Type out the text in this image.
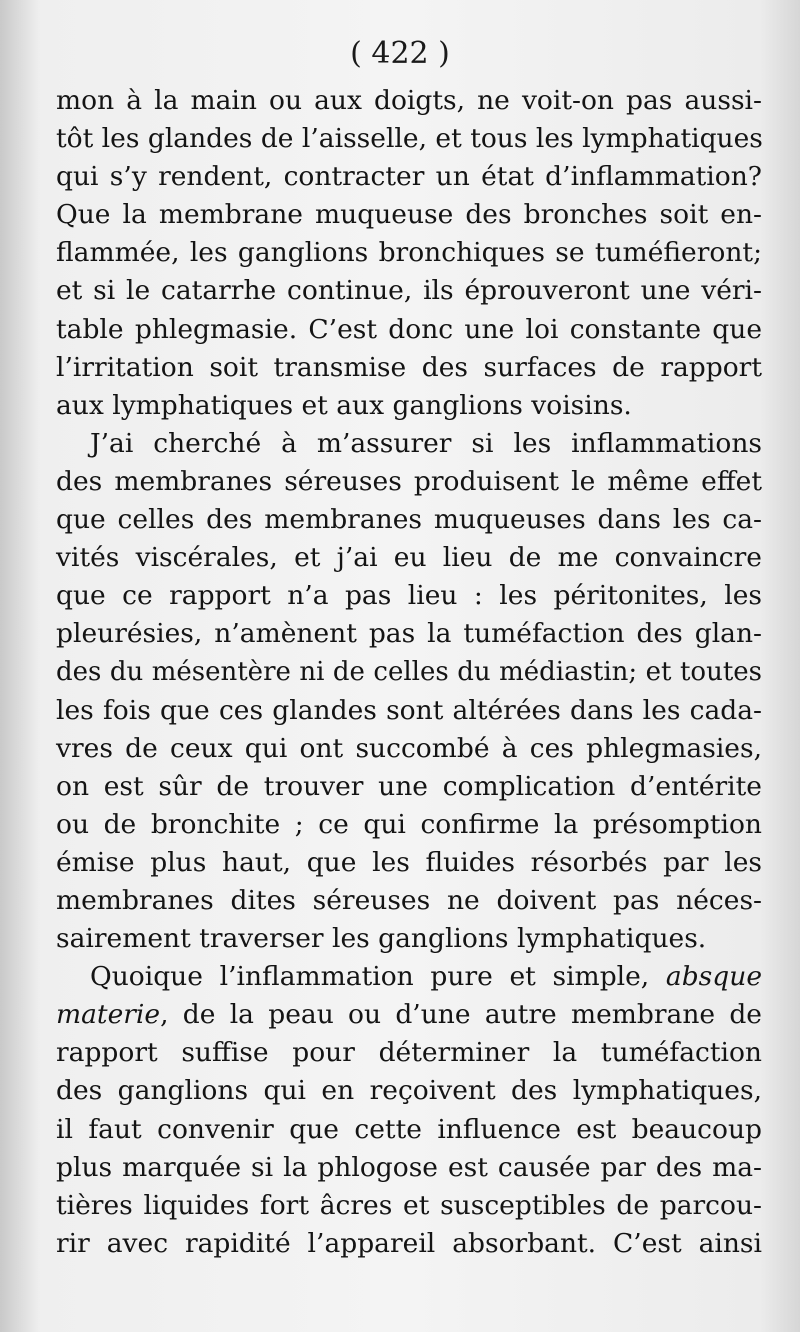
( 422 )
mon à la main ou aux doigts, ne voit-on pas aussi-
tôt les glandes de l’aisselle, et tous les lymphatiques
qui s’y rendent, contracter un état d’inflammation?
Que la membrane muqueuse des bronches soit en-
flammée, les ganglions bronchiques se tuméfieront;
et si le catarrhe continue, ils éprouveront une véri-
table phlegmasie. C’est donc une loi constante que
l’irritation soit transmise des surfaces de rapport
aux lymphatiques et aux ganglions voisins.
J’ai cherché à m’assurer si les inflammations
des membranes séreuses produisent le même effet
que celles des membranes muqueuses dans les ca-
vités viscérales, et j’ai eu lieu de me convaincre
que ce rapport n’a pas lieu : les péritonites, les
pleurésies, n’amènent pas la tuméfaction des glan-
des du mésentère ni de celles du médiastin; et toutes
les fois que ces glandes sont altérées dans les cada-
vres de ceux qui ont succombé à ces phlegmasies,
on est sûr de trouver une complication d’entérite
ou de bronchite ; ce qui confirme la présomption
émise plus haut, que les fluides résorbés par les
membranes dites séreuses ne doivent pas néces-
sairement traverser les ganglions lymphatiques.
Quoique l’inflammation pure et simple, absque
materie, de la peau ou d’une autre membrane de
rapport suffise pour déterminer la tuméfaction
des ganglions qui en reçoivent des lymphatiques,
il faut convenir que cette influence est beaucoup
plus marquée si la phlogose est causée par des ma-
tières liquides fort âcres et susceptibles de parcou-
rir avec rapidité l’appareil absorbant. C’est ainsi
